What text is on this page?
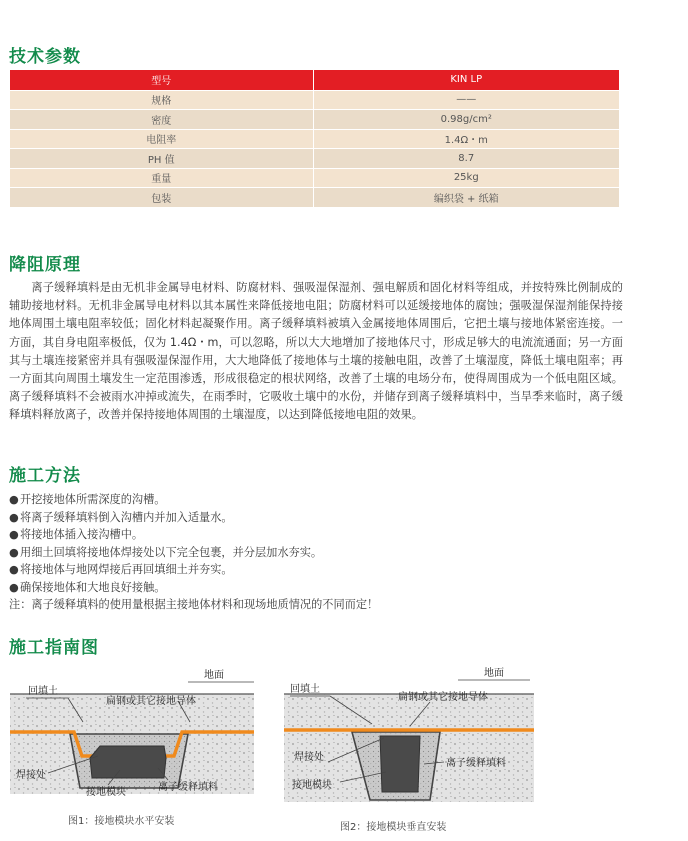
技术参数
型号	KIN LP
规格	——
密度	0.98g/cm²
电阻率	1.4Ω・m
PH 值	8.7
重量	25kg
包装	编织袋 + 纸箱
降阻原理

离子缓释填料是由无机非金属导电材料、防腐材料、强吸湿保湿剂、强电解质和固化材料等组成，并按特殊比例制成的辅助接地材料。无机非金属导电材料以其本属性来降低接地电阻；防腐材料可以延缓接地体的腐蚀；强吸湿保湿剂能保持接地体周围土壤电阻率较低；固化材料起凝聚作用。离子缓释填料被填入金属接地体周围后，它把土壤与接地体紧密连接。一方面，其自身电阻率极低，仅为 1.4Ω・m，可以忽略，所以大大地增加了接地体尺寸，形成足够大的电流流通面；另一方面其与土壤连接紧密并具有强吸湿保湿作用，大大地降低了接地体与土壤的接触电阻，改善了土壤湿度，降低土壤电阻率；再一方面其向周围土壤发生一定范围渗透，形成很稳定的根状网络，改善了土壤的电场分布，使得周围成为一个低电阻区域。离子缓释填料不会被雨水冲掉或流失，在雨季时，它吸收土壤中的水份，并储存到离子缓释填料中，当旱季来临时，离子缓释填料释放离子，改善并保持接地体周围的土壤湿度，以达到降低接地电阻的效果。

施工方法
●开挖接地体所需深度的沟槽。
●将离子缓释填料倒入沟槽内并加入适量水。
●将接地体插入接沟槽中。
●用细土回填将接地体焊接处以下完全包裹，并分层加水夯实。
●将接地体与地网焊接后再回填细土并夯实。
●确保接地体和大地良好接触。
注：离子缓释填料的使用量根据主接地体材料和现场地质情况的不同而定！
施工指南图
地面
回填土
扁钢或其它接地导体
焊接处
接地模块	离子缓释填料
图1：接地模块水平安装
地面
回填土
扁钢或其它接地导体
焊接处
接地模块
离子缓释填料
图2：接地模块垂直安装
